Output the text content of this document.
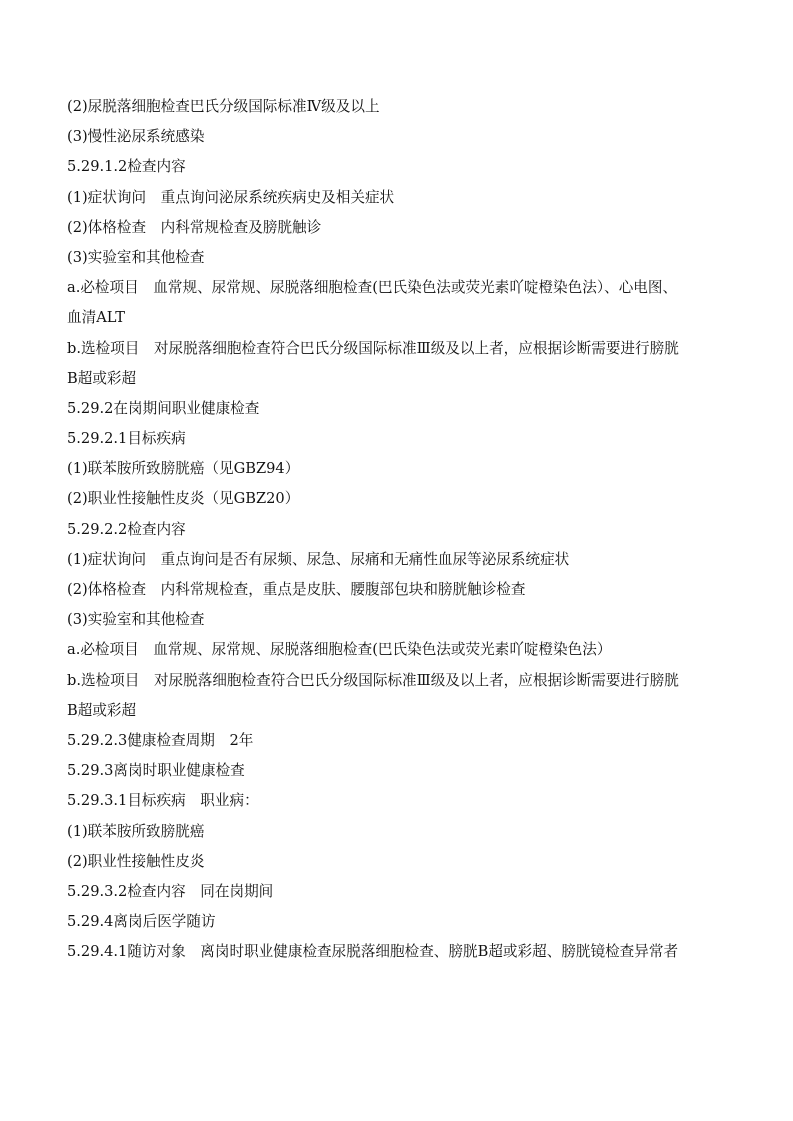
(2)尿脱落细胞检查巴氏分级国际标准Ⅳ级及以上
(3)慢性泌尿系统感染
5.29.1.2检查内容
(1)症状询问　重点询问泌尿系统疾病史及相关症状
(2)体格检查　内科常规检查及膀胱触诊
(3)实验室和其他检查
a.必检项目　血常规、尿常规、尿脱落细胞检查(巴氏染色法或荧光素吖啶橙染色法）、心电图、
血清ALT
b.选检项目　对尿脱落细胞检查符合巴氏分级国际标准Ⅲ级及以上者，应根据诊断需要进行膀胱
B超或彩超
5.29.2在岗期间职业健康检查
5.29.2.1目标疾病
(1)联苯胺所致膀胱癌（见GBZ94）
(2)职业性接触性皮炎（见GBZ20）
5.29.2.2检查内容
(1)症状询问　重点询问是否有尿频、尿急、尿痛和无痛性血尿等泌尿系统症状
(2)体格检查　内科常规检查，重点是皮肤、腰腹部包块和膀胱触诊检查
(3)实验室和其他检查
a.必检项目　血常规、尿常规、尿脱落细胞检查(巴氏染色法或荧光素吖啶橙染色法）
b.选检项目　对尿脱落细胞检查符合巴氏分级国际标准Ⅲ级及以上者，应根据诊断需要进行膀胱
B超或彩超
5.29.2.3健康检查周期　2年
5.29.3离岗时职业健康检查
5.29.3.1目标疾病　职业病：
(1)联苯胺所致膀胱癌
(2)职业性接触性皮炎
5.29.3.2检查内容　同在岗期间
5.29.4离岗后医学随访
5.29.4.1随访对象　离岗时职业健康检查尿脱落细胞检查、膀胱B超或彩超、膀胱镜检查异常者
